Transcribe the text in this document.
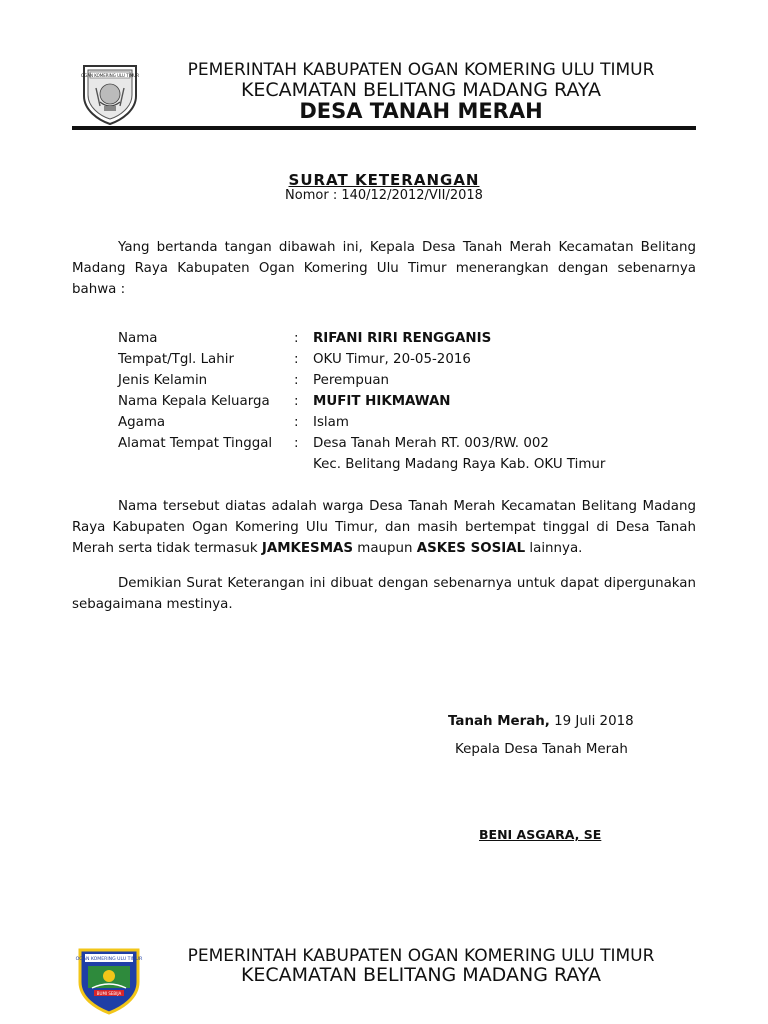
OGAN KOMERING ULU TIMUR	PEMERINTAH KABUPATEN OGAN KOMERING ULU TIMUR
KECAMATAN BELITANG MADANG RAYA
DESA TANAH MERAH
SURAT KETERANGAN
Nomor : 140/12/2012/VII/2018
Yang bertanda tangan dibawah ini, Kepala Desa Tanah Merah Kecamatan Belitang Madang Raya Kabupaten Ogan Komering Ulu Timur menerangkan dengan sebenarnya bahwa :
Nama	: RIFANI RIRI RENGGANIS
Tempat/Tgl. Lahir	: OKU Timur, 20-05-2016
Jenis Kelamin	: Perempuan
Nama Kepala Keluarga : MUFIT HIKMAWAN
Agama	: Islam
Alamat Tempat Tinggal : Desa Tanah Merah RT. 003/RW. 002
Kec. Belitang Madang Raya Kab. OKU Timur
Nama tersebut diatas adalah warga Desa Tanah Merah Kecamatan Belitang Madang Raya Kabupaten Ogan Komering Ulu Timur, dan masih bertempat tinggal di Desa Tanah Merah serta tidak termasuk JAMKESMAS maupun ASKES SOSIAL lainnya.
Demikian Surat Keterangan ini dibuat dengan sebenarnya untuk dapat dipergunakan sebagaimana mestinya.
Tanah Merah, 19 Juli 2018
Kepala Desa Tanah Merah
BENI ASGARA, SE
OGAN KOMERING ULU TIMUR
BUMI SEBIJA
PEMERINTAH KABUPATEN OGAN KOMERING ULU TIMUR
KECAMATAN BELITANG MADANG RAYA
